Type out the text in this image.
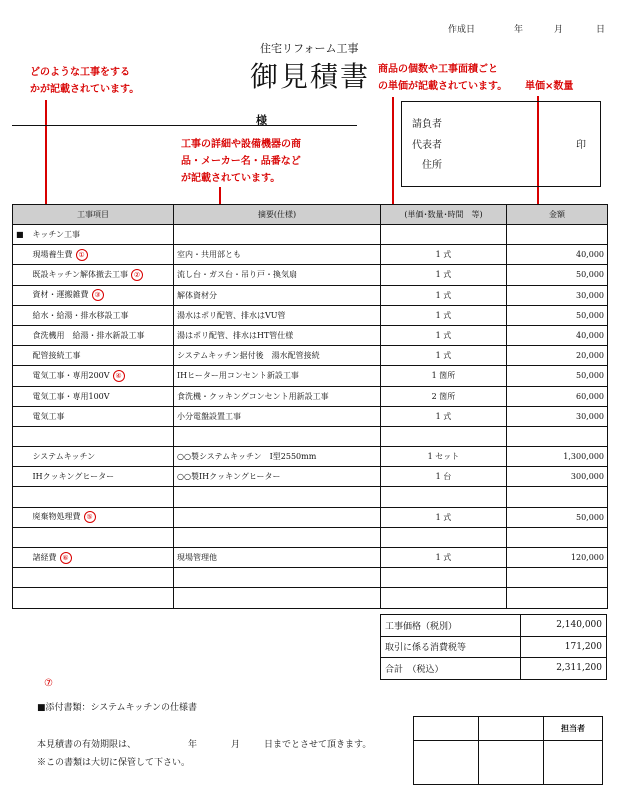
作成日	年	月	日
住宅リフォーム工事
御見積書
どのような工事をする
かが記載されています。
工事の詳細や設備機器の商
品・メーカー名・品番など
が記載されています。
商品の個数や工事面積ごと
の単価が記載されています。 単価×数量
様	請負者
代表者	印
住所
工事項目		摘要(仕様)	(単価･数量･時間　等)	金額
■	キッチン工事			
	現場養生費 ①	室内・共用部とも	1 式	40,000
	既設キッチン解体撤去工事 ②	流し台・ガス台・吊り戸・換気扇	1 式	50,000
	資材・運搬雑費 ③	解体資材分	1 式	30,000
	給水・給湯・排水移設工事	湯水はポリ配管、排水はVU管	1 式	50,000
	食洗機用　給湯・排水新設工事	湯はポリ配管、排水はHT管仕様	1 式	40,000
	配管接続工事	システムキッチン据付後　湯水配管接続	1 式	20,000
	電気工事・専用200V ④	IHヒーター用コンセント新設工事	1 箇所	50,000
	電気工事・専用100V	食洗機・クッキングコンセント用新設工事	2 箇所	60,000
	電気工事	小分電盤設置工事	1 式	30,000

	システムキッチン	○○製システムキッチン　I型2550mm	1 セット	1,300,000
	IHクッキングヒーター	○○製IHクッキングヒーター	1 台	300,000

	廃棄物処理費 ⑤		1 式	50,000

	諸経費 ⑥	現場管理他	1 式	120,000

工事価格（税別）	2,140,000
取引に係る消費税等	171,200
合計　（税込）	2,311,200
⑦
■添付書類：システムキッチンの仕様書
本見積書の有効期限は、	年	月	日までとさせて頂きます。
※この書類は大切に保管して下さい。
		担当者
